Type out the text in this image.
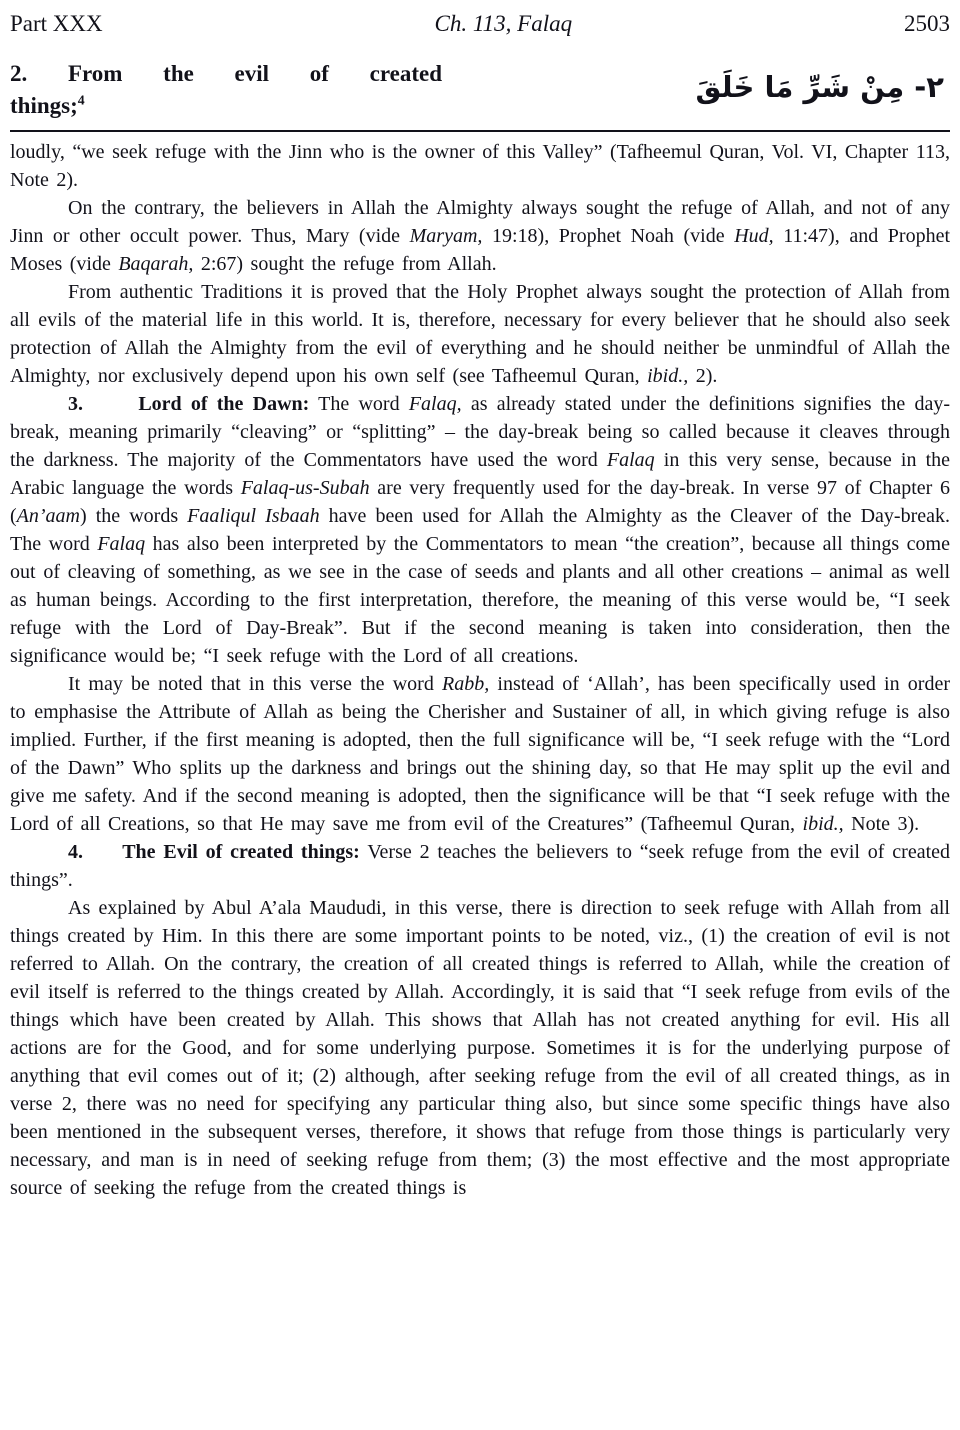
Part XXX	Ch. 113, Falaq	2503
2. From the evil of created
things;$^4$	٢- مِنْ شَرِّ مَا خَلَقَ

loudly, “we seek refuge with the Jinn who is the owner of this Valley” (Tafheemul Quran, Vol. VI, Chapter 113, Note 2).

On the contrary, the believers in Allah the Almighty always sought the refuge of Allah, and not of any Jinn or other occult power. Thus, Mary (vide Maryam, 19:18), Prophet Noah (vide Hud, 11:47), and Prophet Moses (vide Baqarah, 2:67) sought the refuge from Allah.

From authentic Traditions it is proved that the Holy Prophet always sought the protection of Allah from all evils of the material life in this world. It is, therefore, necessary for every believer that he should also seek protection of Allah the Almighty from the evil of everything and he should neither be unmindful of Allah the Almighty, nor exclusively depend upon his own self (see Tafheemul Quran, ibid., 2).

3.      Lord of the Dawn: The word Falaq, as already stated under the definitions signifies the day-break, meaning primarily “cleaving” or “splitting” – the day-break being so called because it cleaves through the darkness. The majority of the Commentators have used the word Falaq in this very sense, because in the Arabic language the words Falaq-us-Subah are very frequently used for the day-break. In verse 97 of Chapter 6 (An’aam) the words Faaliqul Isbaah have been used for Allah the Almighty as the Cleaver of the Day-break. The word Falaq has also been interpreted by the Commentators to mean “the creation”, because all things come out of cleaving of something, as we see in the case of seeds and plants and all other creations – animal as well as human beings. According to the first interpretation, therefore, the meaning of this verse would be, “I seek refuge with the Lord of Day-Break”. But if the second meaning is taken into consideration, then the significance would be; “I seek refuge with the Lord of all creations.

It may be noted that in this verse the word Rabb, instead of ‘Allah’, has been specifically used in order to emphasise the Attribute of Allah as being the Cherisher and Sustainer of all, in which giving refuge is also implied. Further, if the first meaning is adopted, then the full significance will be, “I seek refuge with the “Lord of the Dawn” Who splits up the darkness and brings out the shining day, so that He may split up the evil and give me safety. And if the second meaning is adopted, then the significance will be that “I seek refuge with the Lord of all Creations, so that He may save me from evil of the Creatures” (Tafheemul Quran, ibid., Note 3).

4.     The Evil of created things: Verse 2 teaches the believers to “seek refuge from the evil of created things”.

As explained by Abul A’ala Maududi, in this verse, there is direction to seek refuge with Allah from all things created by Him. In this there are some important points to be noted, viz., (1) the creation of evil is not referred to Allah. On the contrary, the creation of all created things is referred to Allah, while the creation of evil itself is referred to the things created by Allah. Accordingly, it is said that “I seek refuge from evils of the things which have been created by Allah. This shows that Allah has not created anything for evil. His all actions are for the Good, and for some underlying purpose. Sometimes it is for the underlying purpose of anything that evil comes out of it; (2) although, after seeking refuge from the evil of all created things, as in verse 2, there was no need for specifying any particular thing also, but since some specific things have also been mentioned in the subsequent verses, therefore, it shows that refuge from those things is particularly very necessary, and man is in need of seeking refuge from them; (3) the most effective and the most appropriate source of seeking the refuge from the created things is
